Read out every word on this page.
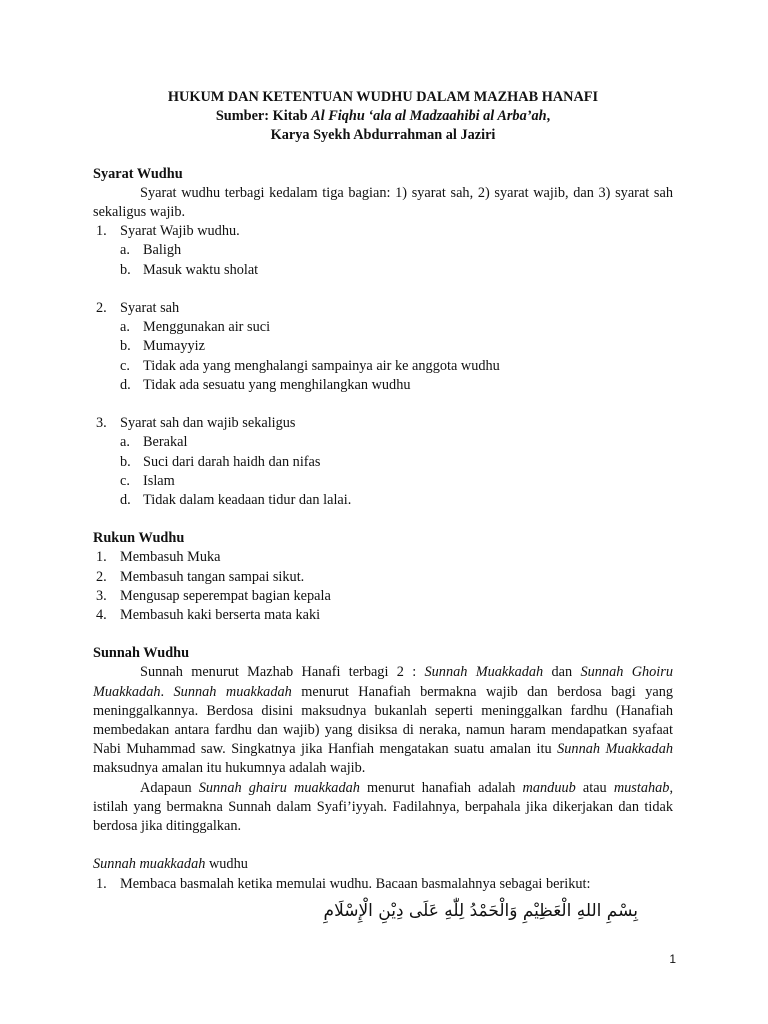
HUKUM DAN KETENTUAN WUDHU DALAM MAZHAB HANAFI
Sumber: Kitab Al Fiqhu ‘ala al Madzaahibi al Arba’ah,
Karya Syekh Abdurrahman al Jaziri
Syarat Wudhu
Syarat wudhu terbagi kedalam tiga bagian: 1) syarat sah, 2) syarat wajib, dan 3) syarat sah sekaligus wajib.
1. Syarat Wajib wudhu.
a. Baligh
b. Masuk waktu sholat
2. Syarat sah
a. Menggunakan air suci
b. Mumayyiz
c. Tidak ada yang menghalangi sampainya air ke anggota wudhu
d. Tidak ada sesuatu yang menghilangkan wudhu
3. Syarat sah dan wajib sekaligus
a. Berakal
b. Suci dari darah haidh dan nifas
c. Islam
d. Tidak dalam keadaan tidur dan lalai.
Rukun Wudhu
1. Membasuh Muka
2. Membasuh tangan sampai sikut.
3. Mengusap seperempat bagian kepala
4. Membasuh kaki berserta mata kaki
Sunnah Wudhu
Sunnah menurut Mazhab Hanafi terbagi 2 : Sunnah Muakkadah dan Sunnah Ghoiru Muakkadah. Sunnah muakkadah menurut Hanafiah bermakna wajib dan berdosa bagi yang meninggalkannya. Berdosa disini maksudnya bukanlah seperti meninggalkan fardhu (Hanafiah membedakan antara fardhu dan wajib) yang disiksa di neraka, namun haram mendapatkan syafaat Nabi Muhammad saw. Singkatnya jika Hanfiah mengatakan suatu amalan itu Sunnah Muakkadah maksudnya amalan itu hukumnya adalah wajib.
Adapaun Sunnah ghairu muakkadah menurut hanafiah adalah manduub atau mustahab, istilah yang bermakna Sunnah dalam Syafi’iyyah. Fadilahnya, berpahala jika dikerjakan dan tidak berdosa jika ditinggalkan.
Sunnah muakkadah wudhu
1. Membaca basmalah ketika memulai wudhu. Bacaan basmalahnya sebagai berikut:
بِسْمِ اللهِ الْعَظِيْمِ وَالْحَمْدُ لِلّٰهِ عَلَى دِيْنِ الْإِسْلَامِ
1
